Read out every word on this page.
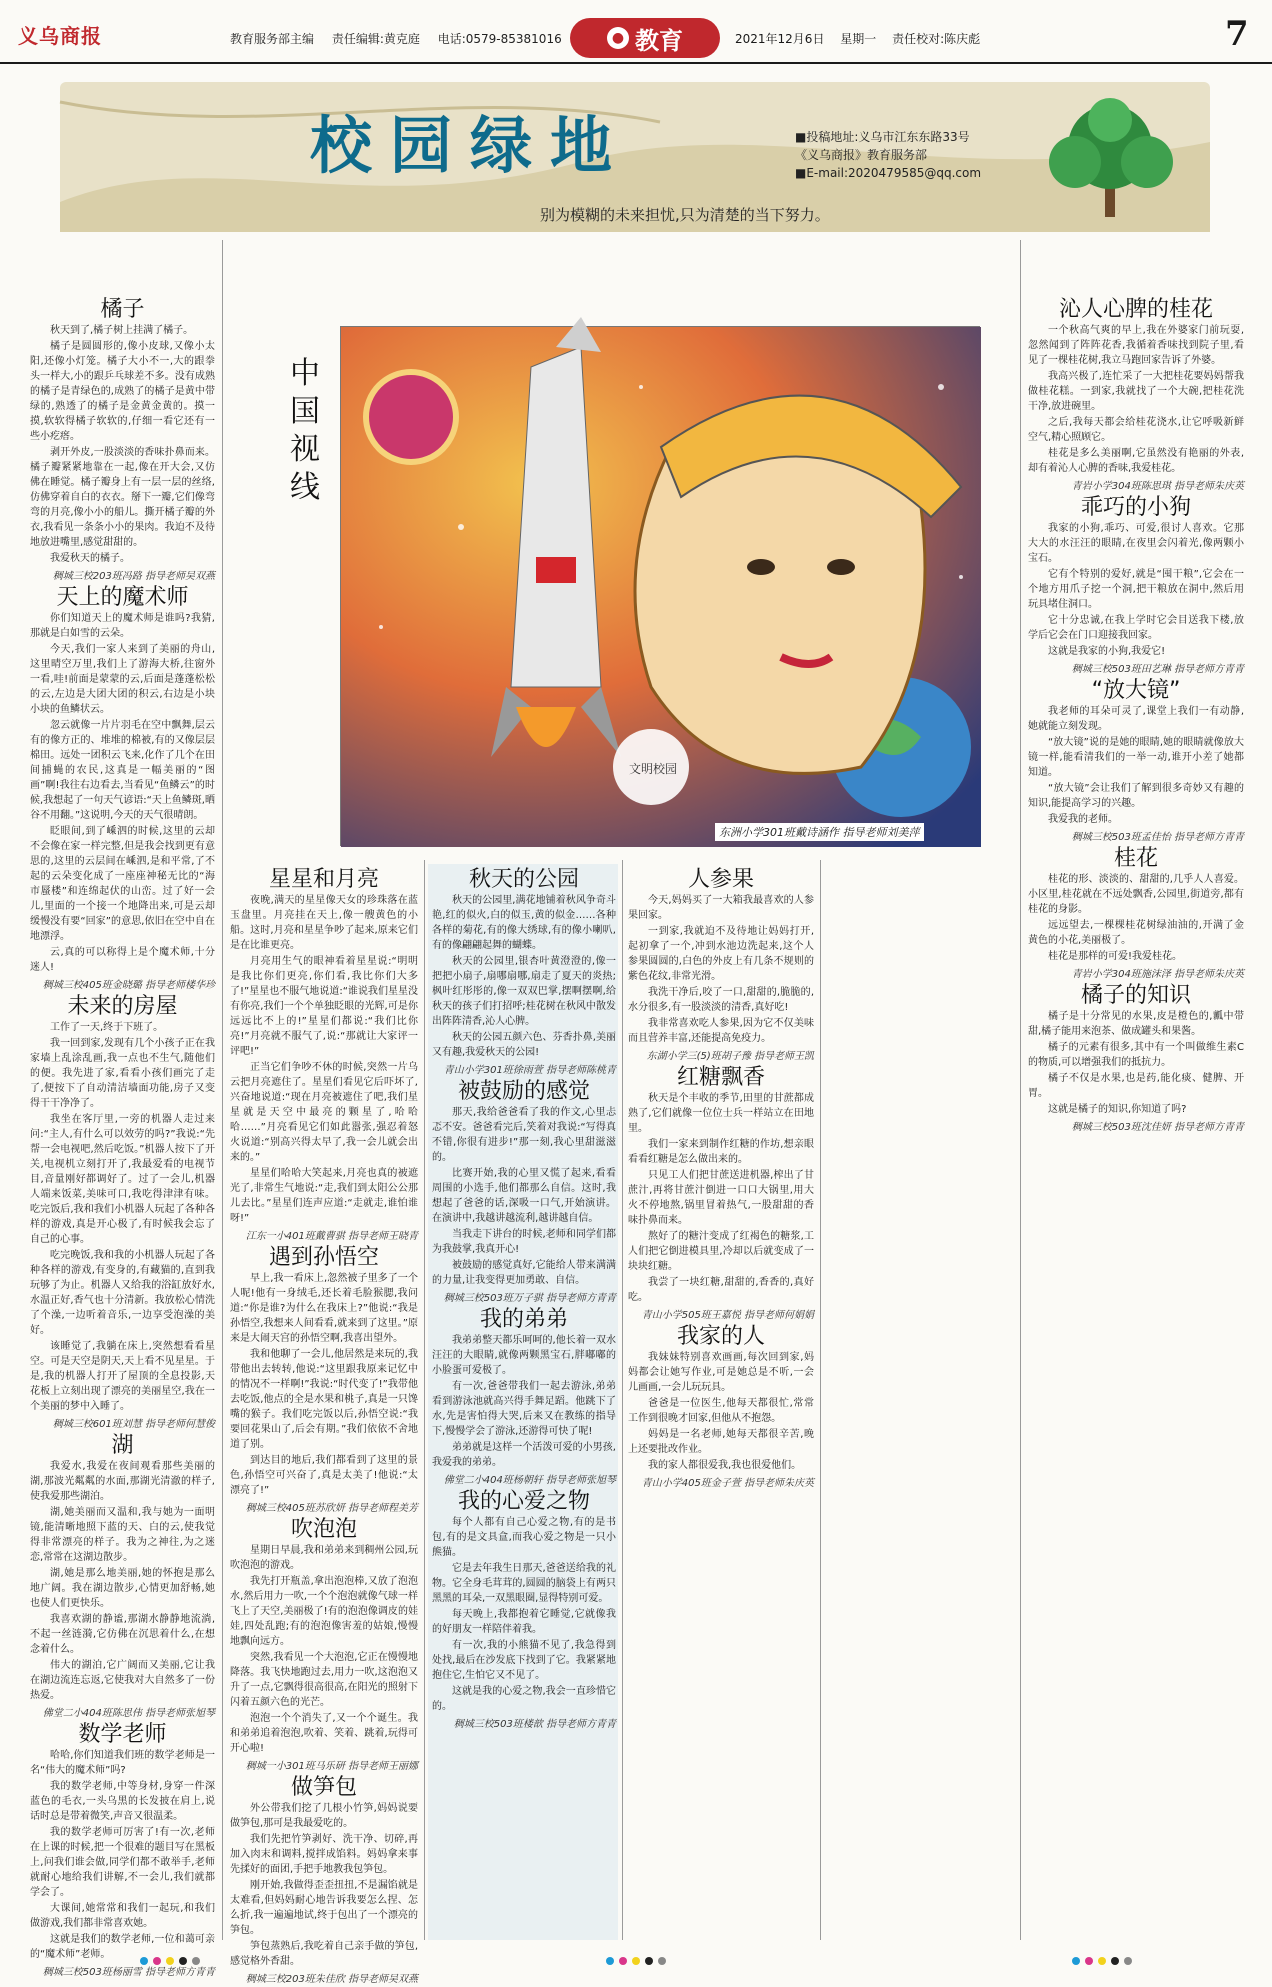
义乌商报	教育服务部主编 责任编辑:黄克庭 电话:0579-85381016	● 教育	2021年12月6日 星期一 责任校对:陈庆彪	7
校园绿地
别为模糊的未来担忧,只为清楚的当下努力。
■投稿地址:义乌市江东东路33号
《义乌商报》教育服务部
■E-mail:2020479585@qq.com
中国视线
文明校园
东洲小学301班戴诗涵作 指导老师刘美萍
橘子

秋天到了,橘子树上挂满了橘子。

橘子是圆圆形的,像小皮球,又像小太阳,还像小灯笼。橘子大小不一,大的跟拳头一样大,小的跟乒乓球差不多。没有成熟的橘子是青绿色的,成熟了的橘子是黄中带绿的,熟透了的橘子是金黄金黄的。摸一摸,软软得橘子软软的,仔细一看它还有一些小疙瘩。

剥开外皮,一股淡淡的香味扑鼻而来。橘子瓣紧紧地靠在一起,像在开大会,又仿佛在睡觉。橘子瓣身上有一层一层的丝络,仿佛穿着自白的衣衣。掰下一瓣,它们像弯弯的月亮,像小小的船儿。撕开橘子瓣的外衣,我看见一条条小小的果肉。我迫不及待地放进嘴里,感觉甜甜的。

我爱秋天的橘子。

稠城三校203班冯路 指导老师吴双燕
天上的魔术师

你们知道天上的魔术师是谁吗?我猜,那就是白如雪的云朵。

今天,我们一家人来到了美丽的舟山,这里晴空万里,我们上了游海大桥,往窗外一看,哇!前面是蒙蒙的云,后面是蓬蓬松松的云,左边是大团大团的积云,右边是小块小块的鱼鳞状云。

忽云就像一片片羽毛在空中飘舞,层云有的像方正的、堆堆的棉被,有的又像层层棉田。远处一团积云飞来,化作了几个在田间捕蝇的农民,这真是一幅美丽的“图画”啊!我往右边看去,当看见“鱼鳞云”的时候,我想起了一句天气谚语:“天上鱼鳞斑,晒谷不用翻。”这说明,今天的天气很晴朗。

眨眼间,到了嵊泗的时候,这里的云却不会像在家一样完整,但是我会找到更有意思的,这里的云层间在嵊泗,是和平常,了不起的云朵变化成了一座座神秘无比的“海市蜃楼”和连绵起伏的山峦。过了好一会儿,里面的一个接一个地降出来,可是云却缓慢没有要“回家”的意思,依旧在空中自在地漂浮。

云,真的可以称得上是个魔术师,十分迷人!

稠城三校405班金晓璐 指导老师楼华珍
未来的房屋

工作了一天,终于下班了。

我一回到家,发现有几个小孩子正在我家墙上乱涂乱画,我一点也不生气,随他们的便。我先进了家,看看小孩们画完了走了,便按下了自动清洁墙面功能,房子又变得干干净净了。

我坐在客厅里,一旁的机器人走过来问:“主人,有什么可以效劳的吗?”我说:“先帮一会电视吧,然后吃饭。”机器人按下了开关,电视机立刻打开了,我最爱看的电视节目,音量刚好都调好了。过了一会儿,机器人端来饭菜,美味可口,我吃得津津有味。吃完饭后,我和我们小机器人玩起了各种各样的游戏,真是开心极了,有时候我会忘了自己的心事。

吃完晚饭,我和我的小机器人玩起了各种各样的游戏,有变身的,有藏猫的,直到我玩够了为止。机器人又给我的浴缸放好水,水温正好,香气也十分清新。我放松心情洗了个澡,一边听着音乐,一边享受泡澡的美好。

该睡觉了,我躺在床上,突然想看看星空。可是天空是阴天,天上看不见星星。于是,我的机器人打开了屋顶的全息投影,天花板上立刻出现了漂亮的美丽星空,我在一个美丽的梦中入睡了。

稠城三校601班刘慧 指导老师何慧俊
湖

我爱水,我爱在夜间观看那些美丽的湖,那波光粼粼的水面,那湖光清澈的样子,使我爱那些湖泊。

湖,她美丽而又温和,我与她为一面明镜,能清晰地照下蓝的天、白的云,使我觉得非常漂亮的样子。我为之神往,为之迷恋,常常在这湖边散步。

湖,她是那么地美丽,她的怀抱是那么地广阔。我在湖边散步,心情更加舒畅,她也使人们更快乐。

我喜欢湖的静谧,那湖水静静地流淌,不起一丝涟漪,它仿佛在沉思着什么,在想念着什么。

伟大的湖泊,它广阔而又美丽,它让我在湖边流连忘返,它使我对大自然多了一份热爱。

佛堂二小404班陈思伟 指导老师张旭琴
数学老师

哈哈,你们知道我们班的数学老师是一名“伟大的魔术师”吗?

我的数学老师,中等身材,身穿一件深蓝色的毛衣,一头乌黑的长发披在肩上,说话时总是带着微笑,声音又很温柔。

我的数学老师可厉害了!有一次,老师在上课的时候,把一个很难的题目写在黑板上,问我们谁会做,同学们都不敢举手,老师就耐心地给我们讲解,不一会儿,我们就都学会了。

大课间,她常常和我们一起玩,和我们做游戏,我们都非常喜欢她。

这就是我们的数学老师,一位和蔼可亲的“魔术师”老师。

稠城三校503班杨丽雪 指导老师方青青
星星和月亮

夜晚,满天的星星像天女的珍珠落在蓝玉盘里。月亮挂在天上,像一艘黄色的小船。这时,月亮和星星争吵了起来,原来它们是在比谁更亮。

月亮用生气的眼神看着星星说:“明明是我比你们更亮,你们看,我比你们大多了!”星星也不服气地说道:“谁说我们星星没有你亮,我们一个个单独眨眼的光辉,可是你远远比不上的!”星星们都说:“我们比你亮!”月亮就不服气了,说:“那就让大家评一评吧!”

正当它们争吵不休的时候,突然一片乌云把月亮遮住了。星星们看见它后吓坏了,兴奋地说道:“现在月亮被遮住了吧,我们星星就是天空中最亮的颗星了,哈哈哈……”月亮看见它们如此嚣张,强忍着怒火说道:“别高兴得太早了,我一会儿就会出来的。”

星星们哈哈大笑起来,月亮也真的被遮光了,非常生气地说:“走,我们到太阳公公那儿去比。”星星们连声应道:“走就走,谁怕谁呀!”

江东一小401班戴曹骐 指导老师王晓青
遇到孙悟空

早上,我一看床上,忽然被子里多了一个人呢!他有一身绒毛,还长着毛脸猴腮,我问道:“你是谁?为什么在我床上?”他说:“我是孙悟空,我想来人间看看,就来到了这里。”原来是大闹天宫的孙悟空啊,我喜出望外。

我和他聊了一会儿,他居然是来玩的,我带他出去转转,他说:“这里跟我原来记忆中的情况不一样啊!”我说:“时代变了!”我带他去吃饭,他点的全是水果和桃子,真是一只馋嘴的猴子。我们吃完饭以后,孙悟空说:“我要回花果山了,后会有期。”我们依依不舍地道了别。

到达目的地后,我们都看到了这里的景色,孙悟空可兴奋了,真是太美了!他说:“太漂亮了!”

稠城三校405班苏欣妍 指导老师程美芳
吹泡泡

星期日早晨,我和弟弟来到稠州公园,玩吹泡泡的游戏。

我先打开瓶盖,拿出泡泡棒,又放了泡泡水,然后用力一吹,一个个泡泡就像气球一样飞上了天空,美丽极了!有的泡泡像调皮的娃娃,四处乱跑;有的泡泡像害羞的姑娘,慢慢地飘向远方。

突然,我看见一个大泡泡,它正在慢慢地降落。我飞快地跑过去,用力一吹,这泡泡又升了一点,它飘得很高很高,在阳光的照射下闪着五颜六色的光芒。

泡泡一个个消失了,又一个个诞生。我和弟弟追着泡泡,吹着、笑着、跳着,玩得可开心啦!

稠城一小301班马乐研 指导老师王丽娜
做笋包

外公带我们挖了几根小竹笋,妈妈说要做笋包,那可是我最爱吃的。

我们先把竹笋剥好、洗干净、切碎,再加入肉末和调料,搅拌成馅料。妈妈拿来事先揉好的面团,手把手地教我包笋包。

刚开始,我做得歪歪扭扭,不是漏馅就是太难看,但妈妈耐心地告诉我要怎么捏、怎么折,我一遍遍地试,终于包出了一个漂亮的笋包。

笋包蒸熟后,我吃着自己亲手做的笋包,感觉格外香甜。

稠城三校203班朱佳欣 指导老师吴双燕
秋天的公园

秋天的公园里,满花地铺着秋风争奇斗艳,红的似火,白的似玉,黄的似金……各种各样的菊花,有的像大绣球,有的像小喇叭,有的像翩翩起舞的蝴蝶。

秋天的公园里,银杏叶黄澄澄的,像一把把小扇子,扇哪扇哪,扇走了夏天的炎热;枫叶红彤彤的,像一双双巴掌,摆啊摆啊,给秋天的孩子们打招呼;桂花树在秋风中散发出阵阵清香,沁人心脾。

秋天的公园五颜六色、芬香扑鼻,美丽又有趣,我爱秋天的公园!

青山小学301班徐雨萱 指导老师陈桃青
被鼓励的感觉

那天,我给爸爸看了我的作文,心里忐忑不安。爸爸看完后,笑着对我说:“写得真不错,你很有进步!”那一刻,我心里甜滋滋的。

比赛开始,我的心里又慌了起来,看看周围的小选手,他们都那么自信。这时,我想起了爸爸的话,深吸一口气,开始演讲。在演讲中,我越讲越流利,越讲越自信。

当我走下讲台的时候,老师和同学们都为我鼓掌,我真开心!

被鼓励的感觉真好,它能给人带来满满的力量,让我变得更加勇敢、自信。

稠城三校503班万子骐 指导老师方青青
我的弟弟

我弟弟整天都乐呵呵的,他长着一双水汪汪的大眼睛,就像两颗黑宝石,胖嘟嘟的小脸蛋可爱极了。

有一次,爸爸带我们一起去游泳,弟弟看到游泳池就高兴得手舞足蹈。他跳下了水,先是害怕得大哭,后来又在教练的指导下,慢慢学会了游泳,还游得可快了呢!

弟弟就是这样一个活泼可爱的小男孩,我爱我的弟弟。

佛堂二小404班杨朝轩 指导老师张旭琴
我的心爱之物

每个人都有自己心爱之物,有的是书包,有的是文具盒,而我心爱之物是一只小熊猫。

它是去年我生日那天,爸爸送给我的礼物。它全身毛茸茸的,圆圆的脑袋上有两只黑黑的耳朵,一双黑眼圈,显得特别可爱。

每天晚上,我都抱着它睡觉,它就像我的好朋友一样陪伴着我。

有一次,我的小熊猫不见了,我急得到处找,最后在沙发底下找到了它。我紧紧地抱住它,生怕它又不见了。

这就是我的心爱之物,我会一直珍惜它的。

稠城三校503班楼歆 指导老师方青青
人参果

今天,妈妈买了一大箱我最喜欢的人参果回家。

一到家,我就迫不及待地让妈妈打开,起初拿了一个,冲到水池边洗起来,这个人参果圆圆的,白色的外皮上有几条不规则的紫色花纹,非常光滑。

我洗干净后,咬了一口,甜甜的,脆脆的,水分很多,有一股淡淡的清香,真好吃!

我非常喜欢吃人参果,因为它不仅美味而且营养丰富,还能提高免疫力。

东湖小学三(5)班胡子豫 指导老师王凯
红糖飘香

秋天是个丰收的季节,田里的甘蔗都成熟了,它们就像一位位士兵一样站立在田地里。

我们一家来到制作红糖的作坊,想亲眼看看红糖是怎么做出来的。

只见工人们把甘蔗送进机器,榨出了甘蔗汁,再将甘蔗汁倒进一口口大锅里,用大火不停地熬,锅里冒着热气,一股甜甜的香味扑鼻而来。

熬好了的糖汁变成了红褐色的糖浆,工人们把它倒进模具里,冷却以后就变成了一块块红糖。

我尝了一块红糖,甜甜的,香香的,真好吃。

青山小学505班王嘉悦 指导老师何娟娟
我家的人

我妹妹特别喜欢画画,每次回到家,妈妈都会让她写作业,可是她总是不听,一会儿画画,一会儿玩玩具。

爸爸是一位医生,他每天都很忙,常常工作到很晚才回家,但他从不抱怨。

妈妈是一名老师,她每天都很辛苦,晚上还要批改作业。

我的家人都很爱我,我也很爱他们。

青山小学405班金子萱 指导老师朱庆英
沁人心脾的桂花

一个秋高气爽的早上,我在外婆家门前玩耍,忽然闻到了阵阵花香,我循着香味找到院子里,看见了一棵桂花树,我立马跑回家告诉了外婆。

我高兴极了,连忙采了一大把桂花要妈妈帮我做桂花糕。一到家,我就找了一个大碗,把桂花洗干净,放进碗里。

之后,我每天都会给桂花浇水,让它呼吸新鲜空气,精心照顾它。

桂花是多么美丽啊,它虽然没有艳丽的外表,却有着沁人心脾的香味,我爱桂花。

青岩小学304班陈思琪 指导老师朱庆英
乖巧的小狗

我家的小狗,乖巧、可爱,很讨人喜欢。它那大大的水汪汪的眼睛,在夜里会闪着光,像两颗小宝石。

它有个特别的爱好,就是“囤干粮”,它会在一个地方用爪子挖一个洞,把干粮放在洞中,然后用玩具堵住洞口。

它十分忠诚,在我上学时它会目送我下楼,放学后它会在门口迎接我回家。

这就是我家的小狗,我爱它!

稠城三校503班田艺琳 指导老师方青青
“放大镜”

我老师的耳朵可灵了,课堂上我们一有动静,她就能立刻发现。

“放大镜”说的是她的眼睛,她的眼睛就像放大镜一样,能看清我们的一举一动,谁开小差了她都知道。

“放大镜”会让我们了解到很多奇妙又有趣的知识,能提高学习的兴趣。

我爱我的老师。

稠城三校503班孟佳怡 指导老师方青青
桂花

桂花的形、淡淡的、甜甜的,几乎人人喜爱。小区里,桂花就在不远处飘香,公园里,街道旁,都有桂花的身影。

远远望去,一棵棵桂花树绿油油的,开满了金黄色的小花,美丽极了。

桂花是那样的可爱!我爱桂花。

青岩小学304班施沫泽 指导老师朱庆英
橘子的知识

橘子是十分常见的水果,皮是橙色的,瓤中带甜,橘子能用来泡茶、做成罐头和果酱。

橘子的元素有很多,其中有一个叫做维生素C的物质,可以增强我们的抵抗力。

橘子不仅是水果,也是药,能化痰、健脾、开胃。

这就是橘子的知识,你知道了吗?

稠城三校503班沈佳妍 指导老师方青青
